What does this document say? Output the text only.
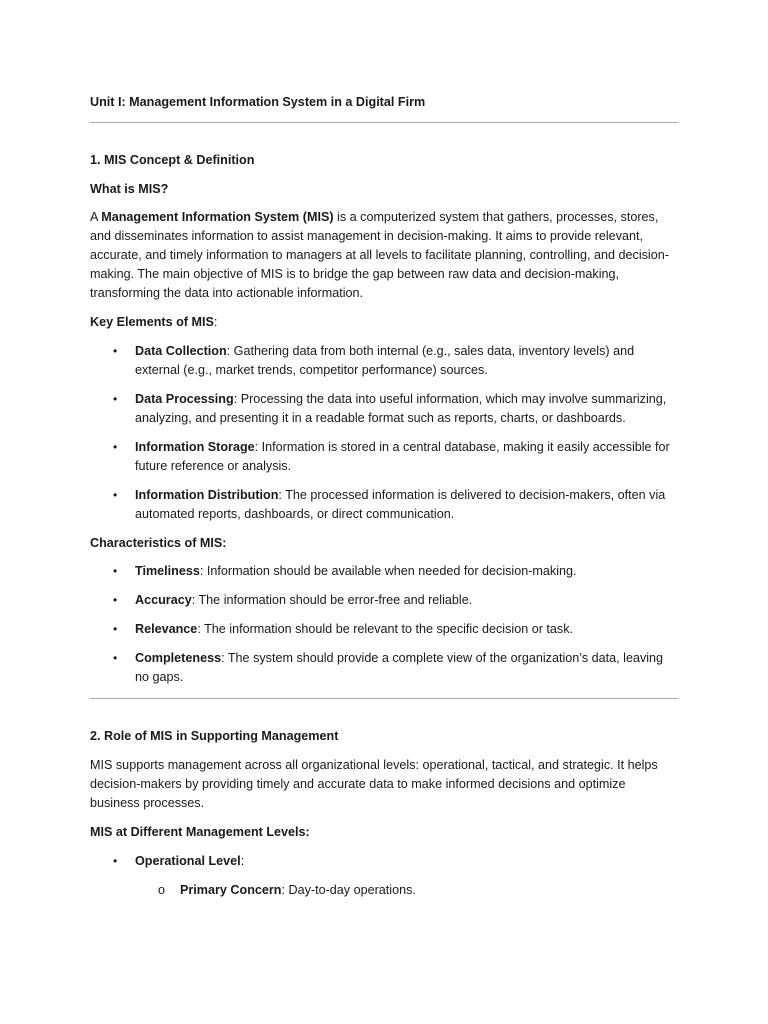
Unit I: Management Information System in a Digital Firm
1. MIS Concept & Definition
What is MIS?

A Management Information System (MIS) is a computerized system that gathers, processes, stores, and disseminates information to assist management in decision-making. It aims to provide relevant, accurate, and timely information to managers at all levels to facilitate planning, controlling, and decision-making. The main objective of MIS is to bridge the gap between raw data and decision-making, transforming the data into actionable information.

Key Elements of MIS:
• Data Collection: Gathering data from both internal (e.g., sales data, inventory levels) and external (e.g., market trends, competitor performance) sources.
• Data Processing: Processing the data into useful information, which may involve summarizing, analyzing, and presenting it in a readable format such as reports, charts, or dashboards.
• Information Storage: Information is stored in a central database, making it easily accessible for future reference or analysis.
• Information Distribution: The processed information is delivered to decision-makers, often via automated reports, dashboards, or direct communication.
Characteristics of MIS:
• Timeliness: Information should be available when needed for decision-making.
• Accuracy: The information should be error-free and reliable.
• Relevance: The information should be relevant to the specific decision or task.
• Completeness: The system should provide a complete view of the organization’s data, leaving no gaps.
2. Role of MIS in Supporting Management

MIS supports management across all organizational levels: operational, tactical, and strategic. It helps decision-makers by providing timely and accurate data to make informed decisions and optimize business processes.

MIS at Different Management Levels:
• Operational Level:
o Primary Concern: Day-to-day operations.
